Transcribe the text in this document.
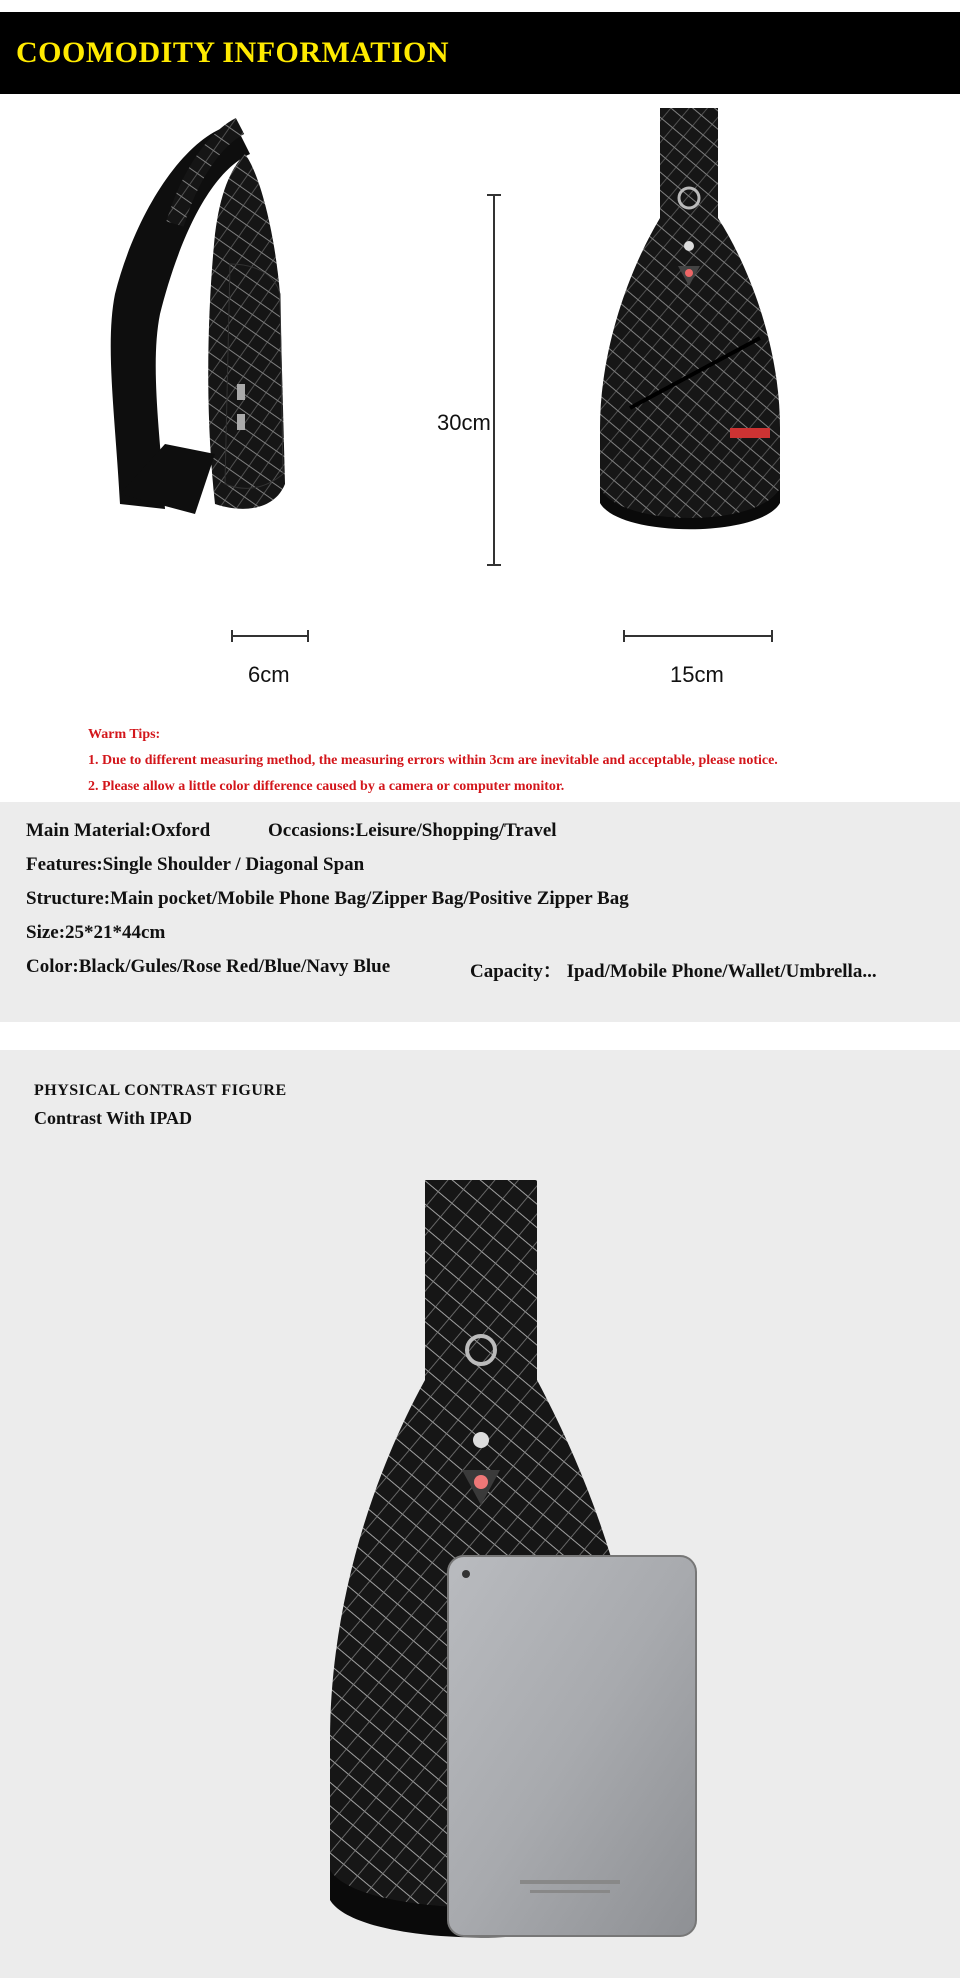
COOMODITY INFORMATION
30cm
6cm	15cm
Warm Tips:
1. Due to different measuring method, the measuring errors within 3cm are inevitable and acceptable, please notice.
2. Please allow a little color difference caused by a camera or computer monitor.
Main Material:Oxford	Occasions:Leisure/Shopping/Travel
Features:Single Shoulder / Diagonal Span
Structure:Main pocket/Mobile Phone Bag/Zipper Bag/Positive Zipper Bag
Size:25*21*44cm
Color:Black/Gules/Rose Red/Blue/Navy Blue	Capacity： Ipad/Mobile Phone/Wallet/Umbrella...
PHYSICAL CONTRAST FIGURE
Contrast With IPAD
